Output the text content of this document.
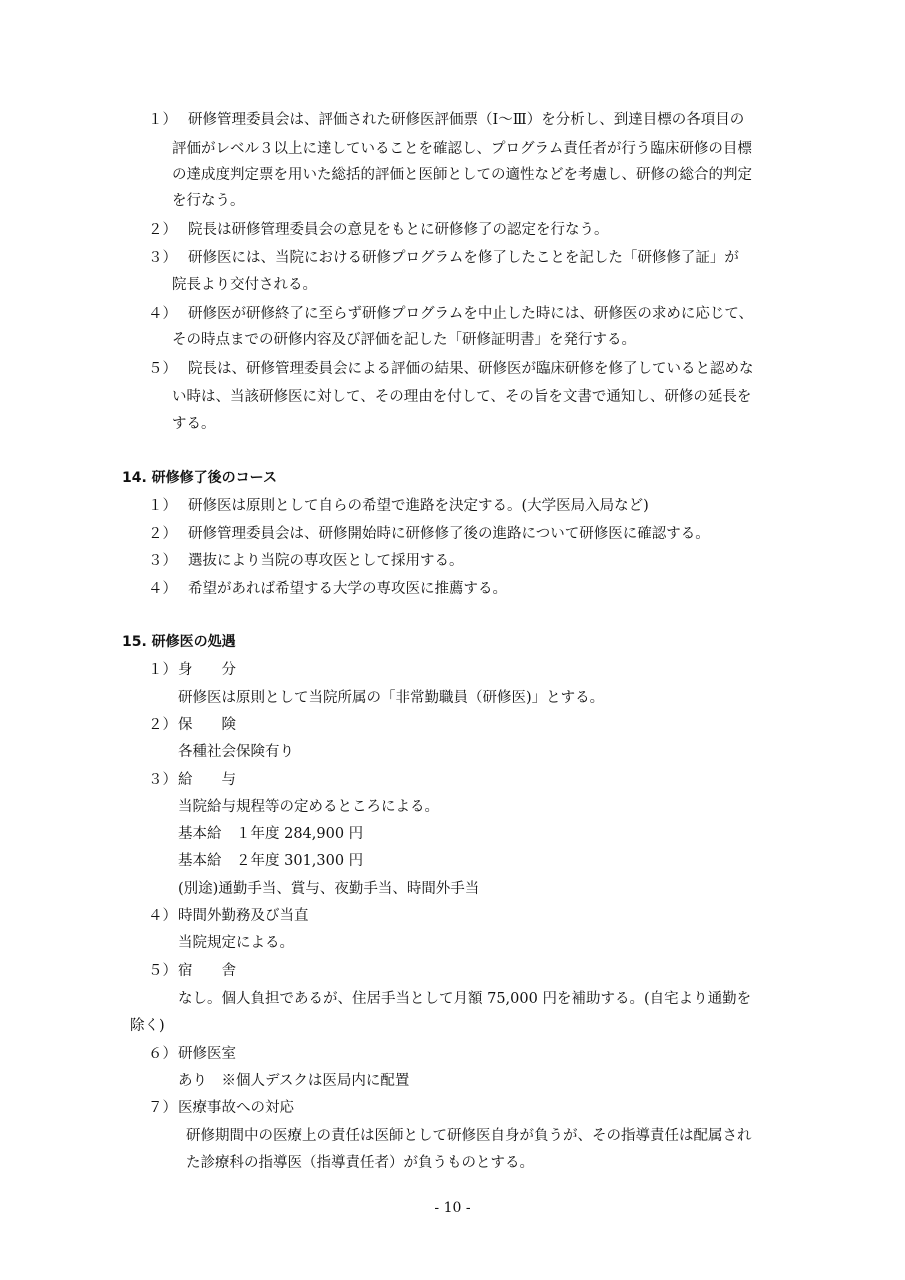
１） 研修管理委員会は、評価された研修医評価票（Ⅰ～Ⅲ）を分析し、到達目標の各項目の
評価がレベル３以上に達していることを確認し、プログラム責任者が行う臨床研修の目標
の達成度判定票を用いた総括的評価と医師としての適性などを考慮し、研修の総合的判定
を行なう。
２） 院長は研修管理委員会の意見をもとに研修修了の認定を行なう。
３） 研修医には、当院における研修プログラムを修了したことを記した「研修修了証」が
院長より交付される。
４） 研修医が研修終了に至らず研修プログラムを中止した時には、研修医の求めに応じて、
その時点までの研修内容及び評価を記した「研修証明書」を発行する。
５） 院長は、研修管理委員会による評価の結果、研修医が臨床研修を修了していると認めな
い時は、当該研修医に対して、その理由を付して、その旨を文書で通知し、研修の延長を
する。
14. 研修修了後のコース
１） 研修医は原則として自らの希望で進路を決定する。(大学医局入局など)
２） 研修管理委員会は、研修開始時に研修修了後の進路について研修医に確認する。
３） 選抜により当院の専攻医として採用する。
４） 希望があれば希望する大学の専攻医に推薦する。
15. 研修医の処遇
１） 身　　分
研修医は原則として当院所属の「非常勤職員（研修医)」とする。
２） 保　　険
各種社会保険有り
３） 給　　与
当院給与規程等の定めるところによる。
基本給　１年度 284,900 円
基本給　２年度 301,300 円
(別途)通勤手当、賞与、夜勤手当、時間外手当
４） 時間外勤務及び当直
当院規定による。
５） 宿　　舎
なし。個人負担であるが、住居手当として月額 75,000 円を補助する。(自宅より通勤を
除く)
６） 研修医室
あり　※個人デスクは医局内に配置
７） 医療事故への対応
研修期間中の医療上の責任は医師として研修医自身が負うが、その指導責任は配属され
た診療科の指導医（指導責任者）が負うものとする。
- 10 -
